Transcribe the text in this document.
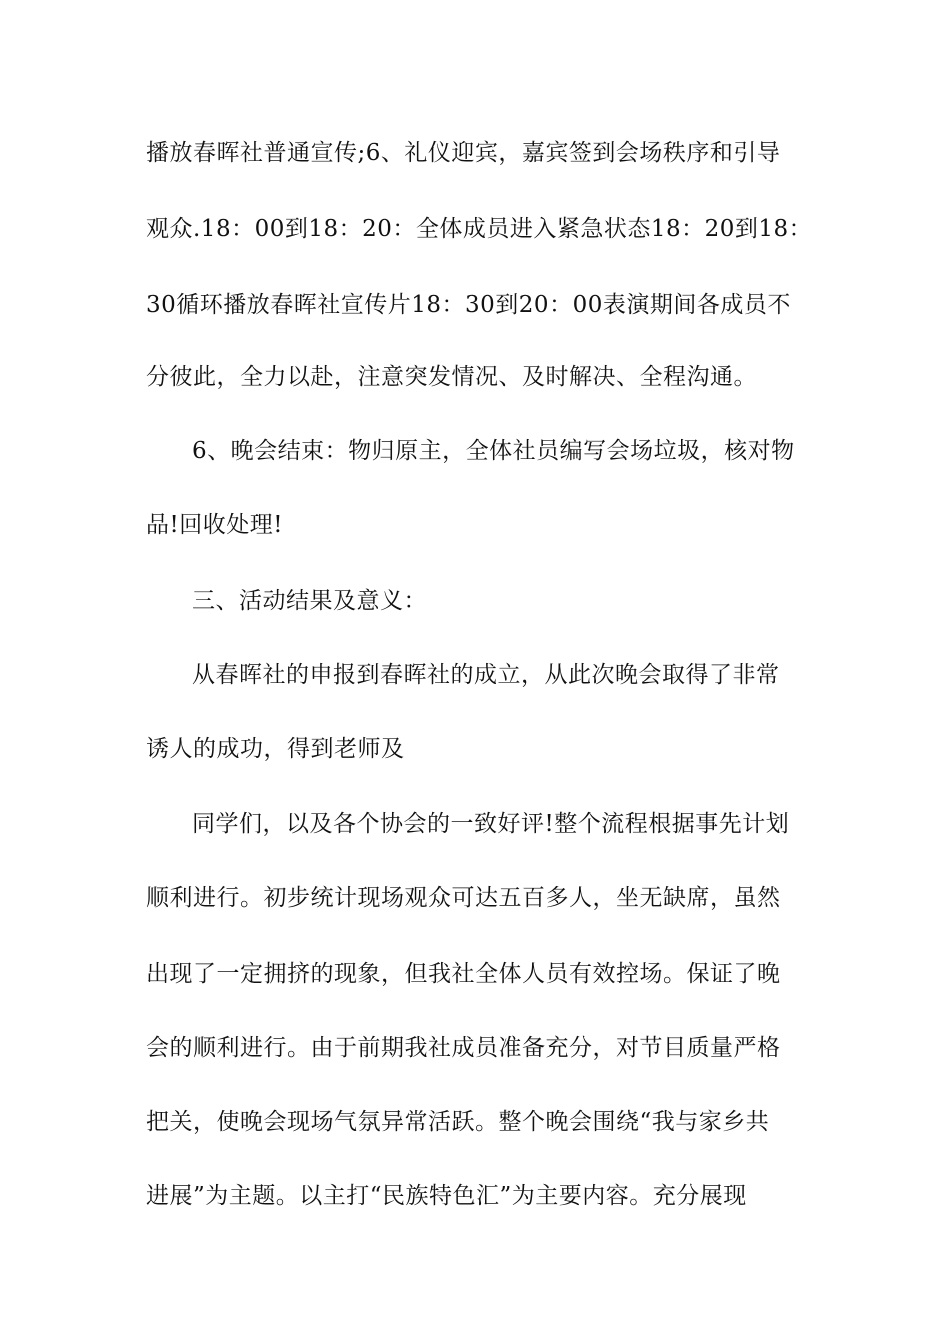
播放春晖社普通宣传;6、礼仪迎宾，嘉宾签到会场秩序和引导
观众.18：00到18：20：全体成员进入紧急状态18：20到18：
30循环播放春晖社宣传片18：30到20：00表演期间各成员不
分彼此，全力以赴，注意突发情况、及时解决、全程沟通。
6、晚会结束：物归原主，全体社员编写会场垃圾，核对物
品!回收处理!
三、活动结果及意义：
从春晖社的申报到春晖社的成立，从此次晚会取得了非常
诱人的成功，得到老师及
同学们，以及各个协会的一致好评!整个流程根据事先计划
顺利进行。初步统计现场观众可达五百多人，坐无缺席，虽然
出现了一定拥挤的现象，但我社全体人员有效控场。保证了晚
会的顺利进行。由于前期我社成员准备充分，对节目质量严格
把关，使晚会现场气氛异常活跃。整个晚会围绕“我与家乡共
进展”为主题。以主打“民族特色汇”为主要内容。充分展现
